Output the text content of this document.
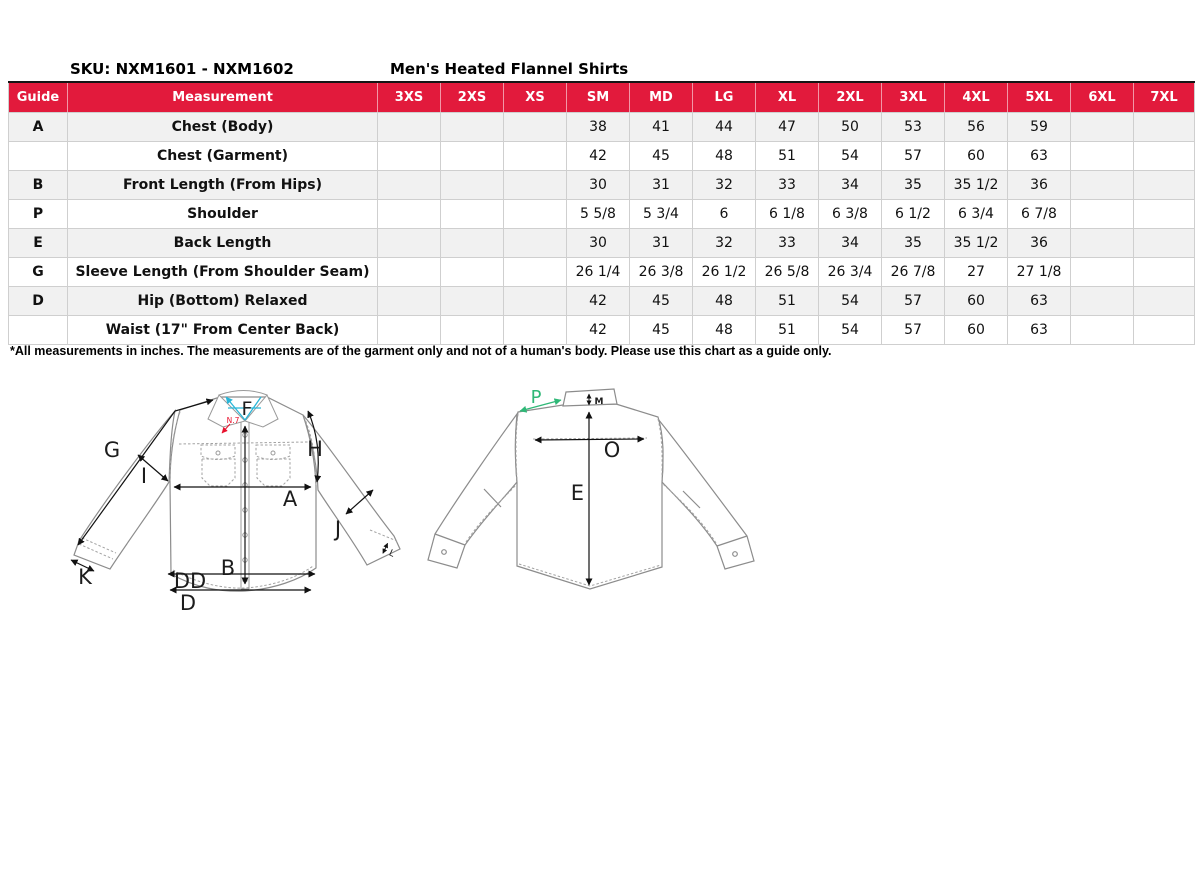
SKU: NXM1601 - NXM1602	Men's Heated Flannel Shirts
Guide	Measurement	3XS	2XS	XS	SM	MD	LG	XL	2XL	3XL	4XL	5XL	6XL	7XL
A	Chest (Body)				38	41	44	47	50	53	56	59		
	Chest (Garment)				42	45	48	51	54	57	60	63		
B	Front Length (From Hips)				30	31	32	33	34	35	35 1/2	36		
P	Shoulder				5 5/8	5 3/4	6	6 1/8	6 3/8	6 1/2	6 3/4	6 7/8		
E	Back Length				30	31	32	33	34	35	35 1/2	36		
G	Sleeve Length (From Shoulder Seam)				26 1/4	26 3/8	26 1/2	26 5/8	26 3/4	26 7/8	27	27 1/8		
D	Hip (Bottom) Relaxed				42	45	48	51	54	57	60	63		
	Waist (17" From Center Back)				42	45	48	51	54	57	60	63		
*All measurements in inches. The measurements are of the garment only and not of a human's body. Please use this chart as a guide only.
F
N.7
L
G
I
H
A
J
B
K	DD
D
P	M
O
E
